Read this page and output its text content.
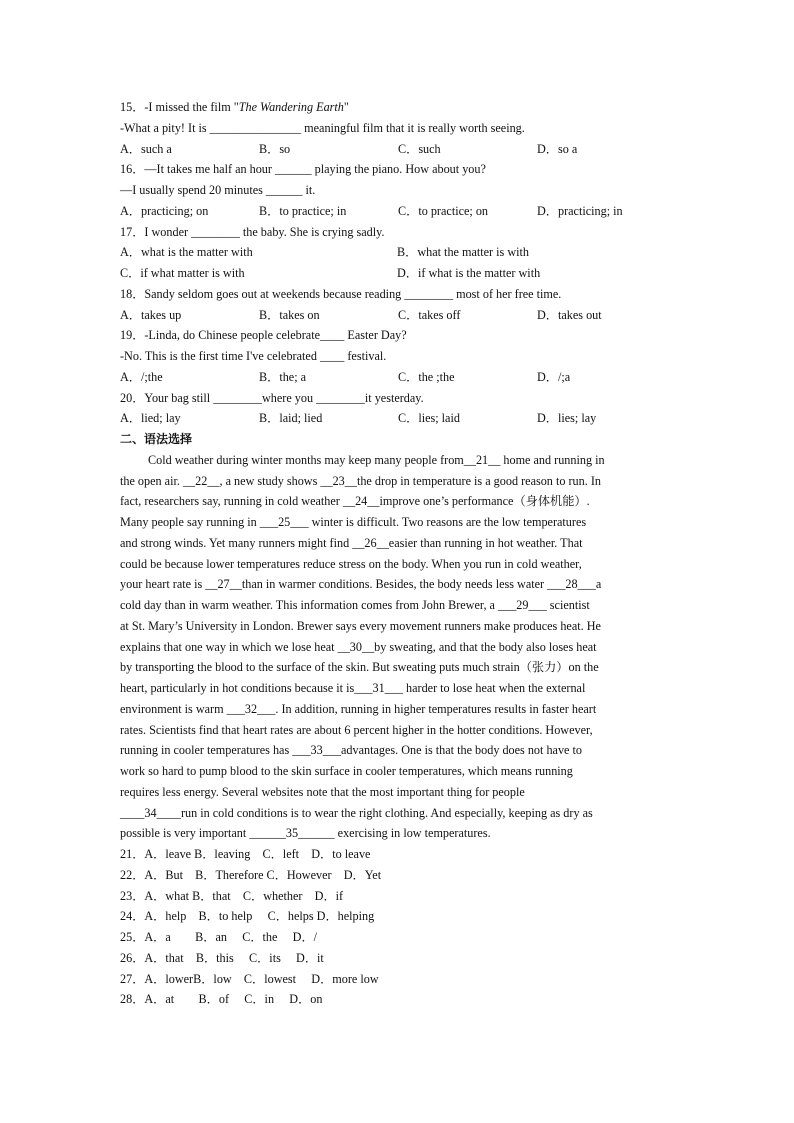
15．-I missed the film "The Wandering Earth"
-What a pity! It is _______________ meaningful film that it is really worth seeing.
A．such a	B．so	C．such	D．so a
16．—It takes me half an hour ______ playing the piano. How about you?
—I usually spend 20 minutes ______ it.
A．practicing; on	B．to practice; in	C．to practice; on	D．practicing; in
17．I wonder ________ the baby. She is crying sadly.
A．what is the matter with	B．what the matter is with
C．if what matter is with	D．if what is the matter with
18．Sandy seldom goes out at weekends because reading ________ most of her free time.
A．takes up	B．takes on	C．takes off	D．takes out
19．-Linda, do Chinese people celebrate____ Easter Day?
-No. This is the first time I've celebrated ____ festival.
A．/;the	B．the; a	C．the ;the	D．/;a
20．Your bag still ________where you ________it yesterday.
A．lied; lay	B．laid; lied	C．lies; laid	D．lies; lay
二、语法选择
Cold weather during winter months may keep many people from__21__ home and running in
the open air. __22__, a new study shows __23__the drop in temperature is a good reason to run. In
fact, researchers say, running in cold weather __24__improve one’s performance（身体机能）.
Many people say running in ___25___ winter is difficult. Two reasons are the low temperatures
and strong winds. Yet many runners might find __26__easier than running in hot weather. That
could be because lower temperatures reduce stress on the body. When you run in cold weather,
your heart rate is __27__than in warmer conditions. Besides, the body needs less water ___28___a
cold day than in warm weather. This information comes from John Brewer, a ___29___ scientist
at St. Mary’s University in London. Brewer says every movement runners make produces heat. He
explains that one way in which we lose heat __30__by sweating, and that the body also loses heat
by transporting the blood to the surface of the skin. But sweating puts much strain（张力）on the
heart, particularly in hot conditions because it is___31___ harder to lose heat when the external
environment is warm ___32___. In addition, running in higher temperatures results in faster heart
rates. Scientists find that heart rates are about 6 percent higher in the hotter conditions. However,
running in cooler temperatures has ___33___advantages. One is that the body does not have to
work so hard to pump blood to the skin surface in cooler temperatures, which means running
requires less energy. Several websites note that the most important thing for people
____34____run in cold conditions is to wear the right clothing. And especially, keeping as dry as
possible is very important ______35______ exercising in low temperatures.
21．A．leave B．leaving　C．left　D．to leave
22．A．But　B．Therefore C．However　D．Yet
23．A．what B．that　C．whether　D．if
24．A．help　B．to help　 C．helps D．helping
25．A．a　　B．an　 C．the　 D．/
26．A．that　B．this　 C．its　 D．it
27．A．lowerB．low　C．lowest　 D．more low
28．A．at　　B．of　 C．in　 D．on
